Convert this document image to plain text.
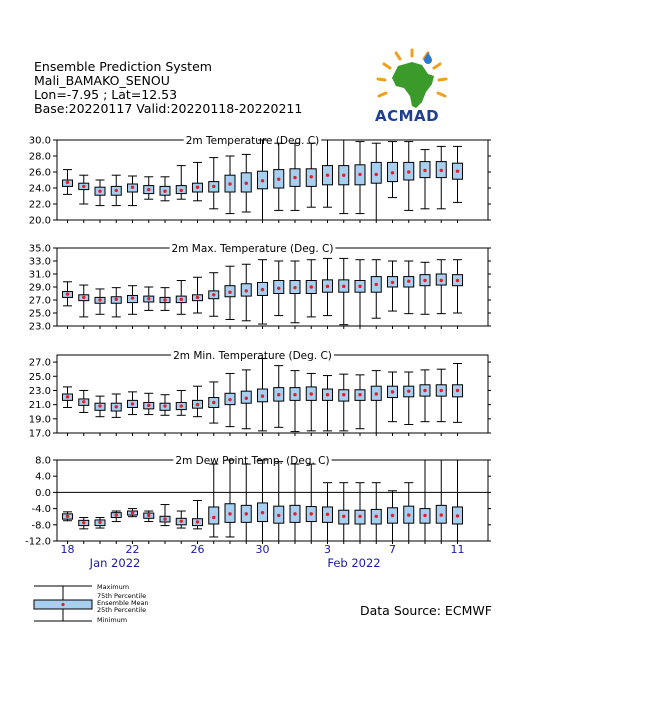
Ensemble Prediction System
Mali_BAMAKO_SENOU
Lon=-7.95 ; Lat=12.53
Base:20220117 Valid:20220118-20220211	ACMAD
2m Temperature (Deg. C)
30.0
28.0
26.0
24.0
22.0
20.0
2m Max. Temperature (Deg. C)
35.0
33.0
31.0
29.0
27.0
25.0
23.0
2m Min. Temperature (Deg. C)
27.0
25.0
23.0
21.0
19.0
17.0
2m Dew Point Temp. (Deg. C)
8.0
4.0
0.0
-4.0
-8.0
-12.0
18	22	26	30	3	7	11
Jan 2022	Feb 2022
Maximum
75th Percentile
Ensemble Mean
25th Percentile
Minimum
Data Source: ECMWF
